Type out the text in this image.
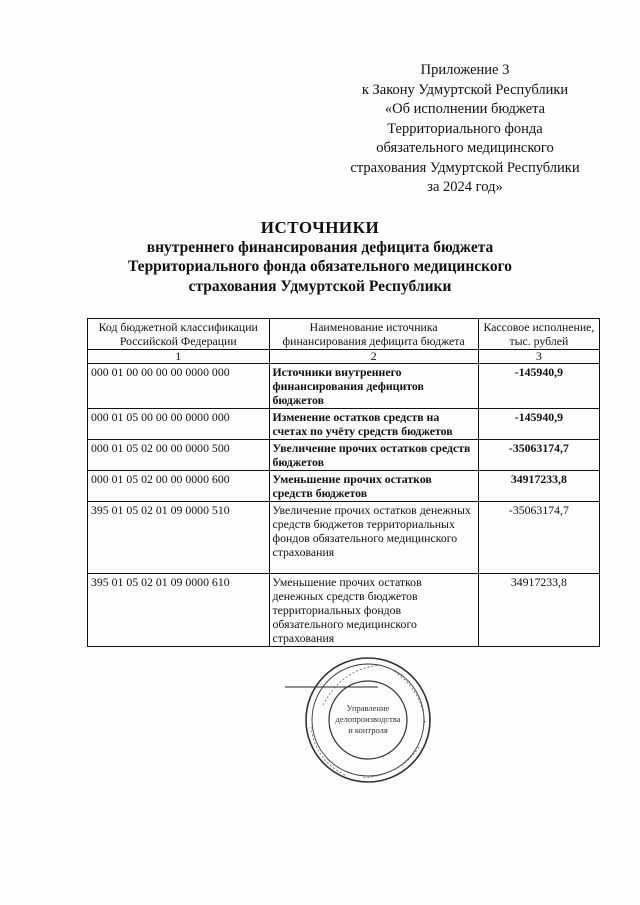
Приложение 3
к Закону Удмуртской Республики
«Об исполнении бюджета
Территориального фонда
обязательного медицинского
страхования Удмуртской Республики
за 2024 год»
ИСТОЧНИКИ
внутреннего финансирования дефицита бюджета
Территориального фонда обязательного медицинского
страхования Удмуртской Республики
Код бюджетной классификации Российской Федерации	Наименование источника финансирования дефицита бюджета	Кассовое исполнение, тыс. рублей
1	2	3
000 01 00 00 00 00 0000 000	Источники внутреннего финансирования дефицитов бюджетов	-145940,9
000 01 05 00 00 00 0000 000	Изменение остатков средств на счетах по учёту средств бюджетов	-145940,9
000 01 05 02 00 00 0000 500	Увеличение прочих остатков средств бюджетов	-35063174,7
000 01 05 02 00 00 0000 600	Уменьшение прочих остатков средств бюджетов	34917233,8
395 01 05 02 01 09 0000 510	Увеличение прочих остатков денежных средств бюджетов территориальных фондов обязательного медицинского страхования	-35063174,7
395 01 05 02 01 09 0000 610	Уменьшение прочих остатков денежных средств бюджетов территориальных фондов обязательного медицинского страхования	34917233,8
Управление
делопроизводства
и контроля
